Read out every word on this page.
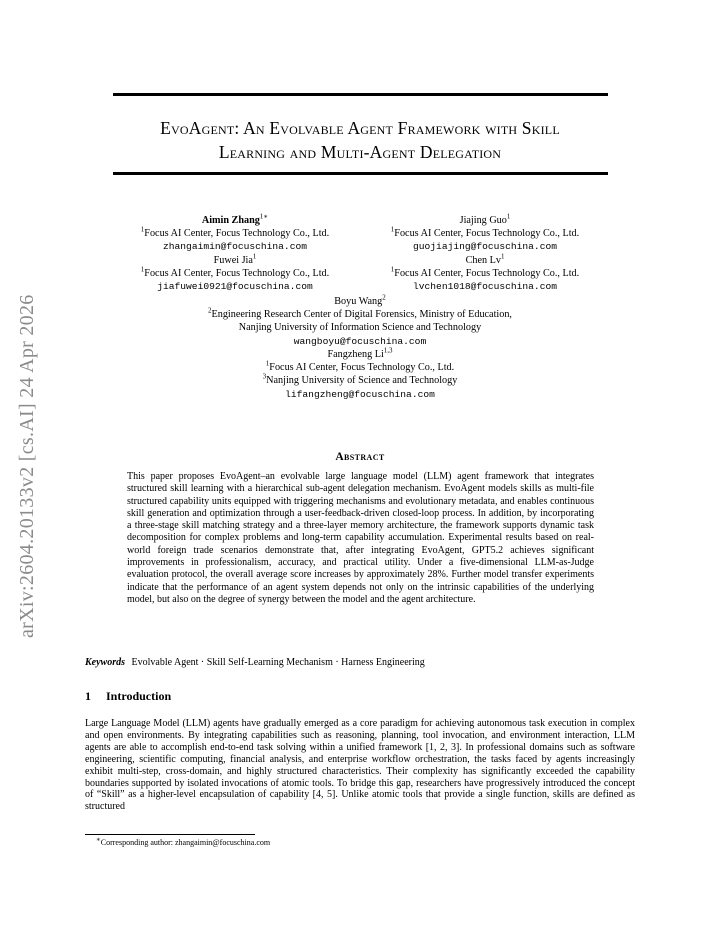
arXiv:2604.20133v2 [cs.AI] 24 Apr 2026
EvoAgent: An Evolvable Agent Framework with Skill
Learning and Multi-Agent Delegation
Aimin Zhang$^{1∗}$
$^1$Focus AI Center, Focus Technology Co., Ltd.
zhangaimin@focuschina.com
Fuwei Jia$^1$
$^1$Focus AI Center, Focus Technology Co., Ltd.
jiafuwei0921@focuschina.com
Jiajing Guo$^1$
$^1$Focus AI Center, Focus Technology Co., Ltd.
guojiajing@focuschina.com
Chen Lv$^1$
$^1$Focus AI Center, Focus Technology Co., Ltd.
lvchen1018@focuschina.com
Boyu Wang$^2$
$^2$Engineering Research Center of Digital Forensics, Ministry of Education,
Nanjing University of Information Science and Technology
wangboyu@focuschina.com
Fangzheng Li$^{1,3}$
$^1$Focus AI Center, Focus Technology Co., Ltd.
$^3$Nanjing University of Science and Technology
lifangzheng@focuschina.com
Abstract
This paper proposes EvoAgent–an evolvable large language model (LLM) agent framework that integrates structured skill learning with a hierarchical sub-agent delegation mechanism. EvoAgent models skills as multi-file structured capability units equipped with triggering mechanisms and evolutionary metadata, and enables continuous skill generation and optimization through a user-feedback-driven closed-loop process. In addition, by incorporating a three-stage skill matching strategy and a three-layer memory architecture, the framework supports dynamic task decomposition for complex problems and long-term capability accumulation. Experimental results based on real-world foreign trade scenarios demonstrate that, after integrating EvoAgent, GPT5.2 achieves significant improvements in professionalism, accuracy, and practical utility. Under a five-dimensional LLM-as-Judge evaluation protocol, the overall average score increases by approximately 28%. Further model transfer experiments indicate that the performance of an agent system depends not only on the intrinsic capabilities of the underlying model, but also on the degree of synergy between the model and the agent architecture.
Keywords Evolvable Agent · Skill Self-Learning Mechanism · Harness Engineering
1 Introduction
Large Language Model (LLM) agents have gradually emerged as a core paradigm for achieving autonomous task execution in complex and open environments. By integrating capabilities such as reasoning, planning, tool invocation, and environment interaction, LLM agents are able to accomplish end-to-end task solving within a unified framework [1, 2, 3]. In professional domains such as software engineering, scientific computing, financial analysis, and enterprise workflow orchestration, the tasks faced by agents increasingly exhibit multi-step, cross-domain, and highly structured characteristics. Their complexity has significantly exceeded the capability boundaries supported by isolated invocations of atomic tools. To bridge this gap, researchers have progressively introduced the concept of “Skill” as a higher-level encapsulation of capability [4, 5]. Unlike atomic tools that provide a single function, skills are defined as structured
∗Corresponding author: zhangaimin@focuschina.com
